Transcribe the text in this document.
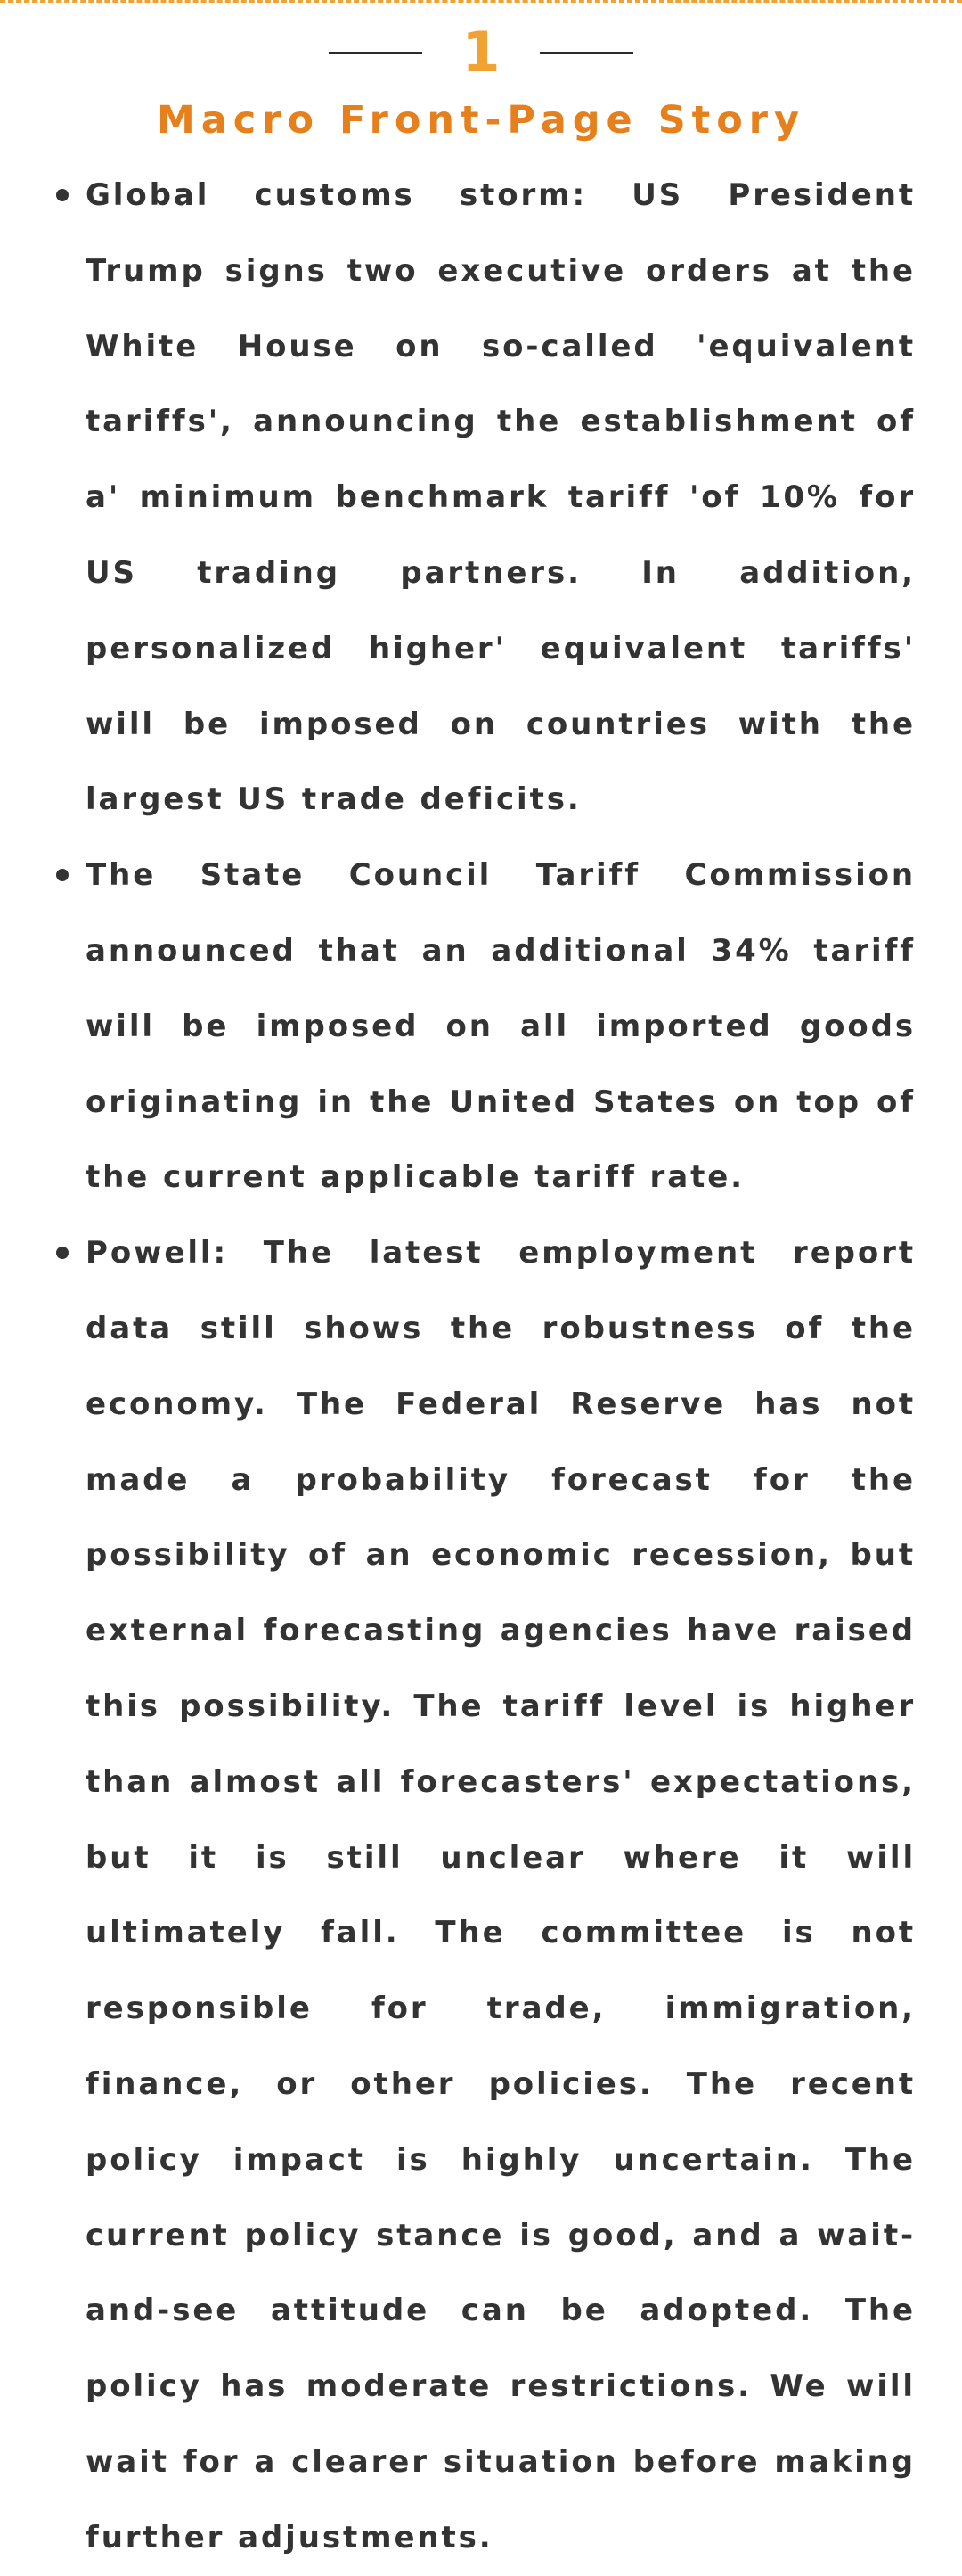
1
Macro Front-Page Story
Global customs storm: US President Trump signs two executive orders at the White House on so-called 'equivalent tariffs', announcing the establishment of a' minimum benchmark tariff 'of 10% for US trading partners. In addition, personalized higher' equivalent tariffs' will be imposed on countries with the largest US trade deficits.
The State Council Tariff Commission announced that an additional 34% tariff will be imposed on all imported goods originating in the United States on top of the current applicable tariff rate.
Powell: The latest employment report data still shows the robustness of the economy. The Federal Reserve has not made a probability forecast for the possibility of an economic recession, but external forecasting agencies have raised this possibility. The tariff level is higher than almost all forecasters' expectations, but it is still unclear where it will ultimately fall. The committee is not responsible for trade, immigration, finance, or other policies. The recent policy impact is highly uncertain. The current policy stance is good, and a wait-and-see attitude can be adopted. The policy has moderate restrictions. We will wait for a clearer situation before making further adjustments.
